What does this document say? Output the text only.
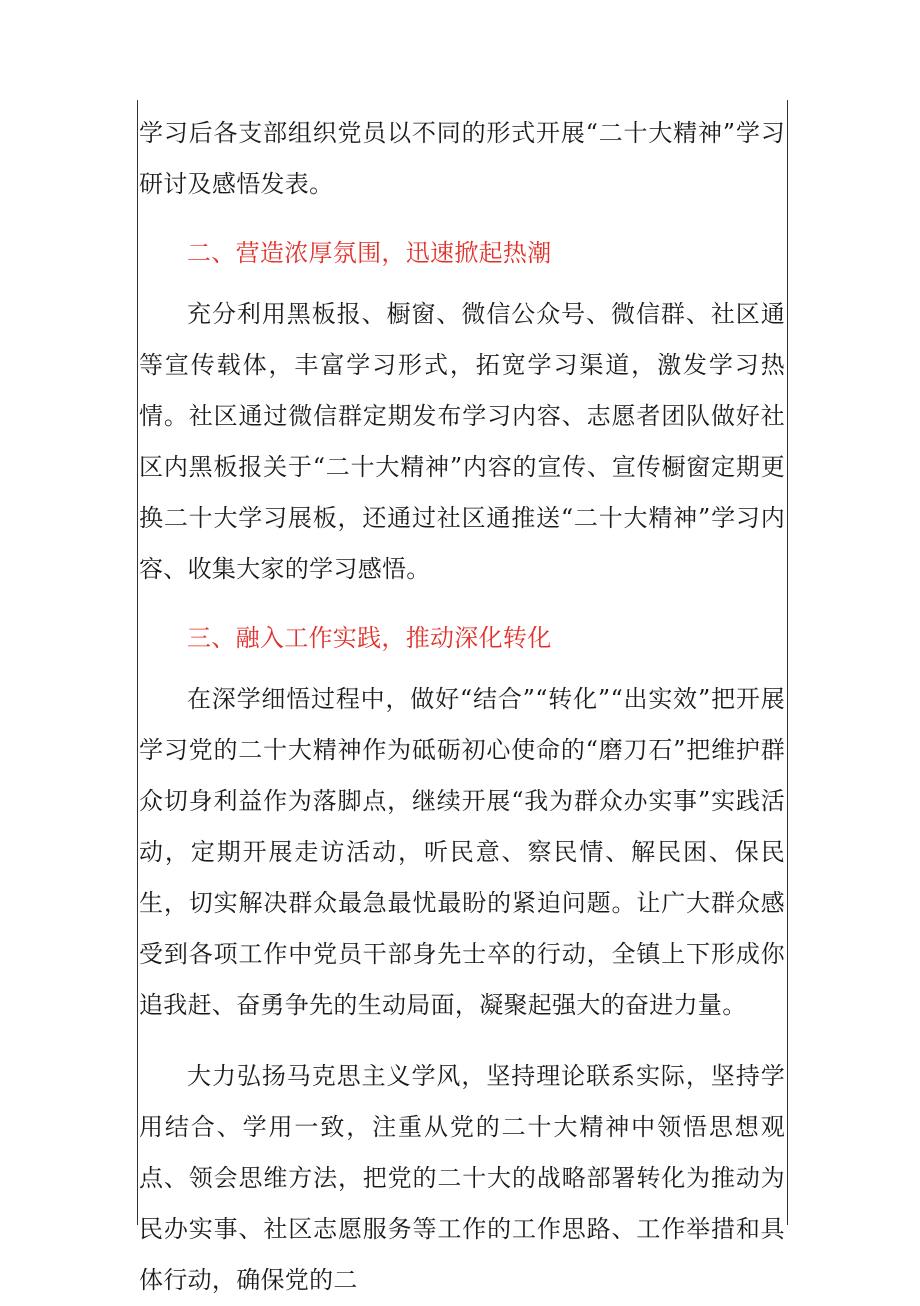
学习后各支部组织党员以不同的形式开展“二十大精神”学习研讨及感悟发表。

二、营造浓厚氛围，迅速掀起热潮

充分利用黑板报、橱窗、微信公众号、微信群、社区通等宣传载体，丰富学习形式，拓宽学习渠道，激发学习热情。社区通过微信群定期发布学习内容、志愿者团队做好社区内黑板报关于“二十大精神”内容的宣传、宣传橱窗定期更换二十大学习展板，还通过社区通推送“二十大精神”学习内容、收集大家的学习感悟。

三、融入工作实践，推动深化转化

在深学细悟过程中，做好“结合”“转化”“出实效”把开展学习党的二十大精神作为砥砺初心使命的“磨刀石”把维护群众切身利益作为落脚点，继续开展“我为群众办实事”实践活动，定期开展走访活动，听民意、察民情、解民困、保民生，切实解决群众最急最忧最盼的紧迫问题。让广大群众感受到各项工作中党员干部身先士卒的行动，全镇上下形成你追我赶、奋勇争先的生动局面，凝聚起强大的奋进力量。

大力弘扬马克思主义学风，坚持理论联系实际，坚持学用结合、学用一致，注重从党的二十大精神中领悟思想观点、领会思维方法，把党的二十大的战略部署转化为推动为民办实事、社区志愿服务等工作的工作思路、工作举措和具体行动，确保党的二
